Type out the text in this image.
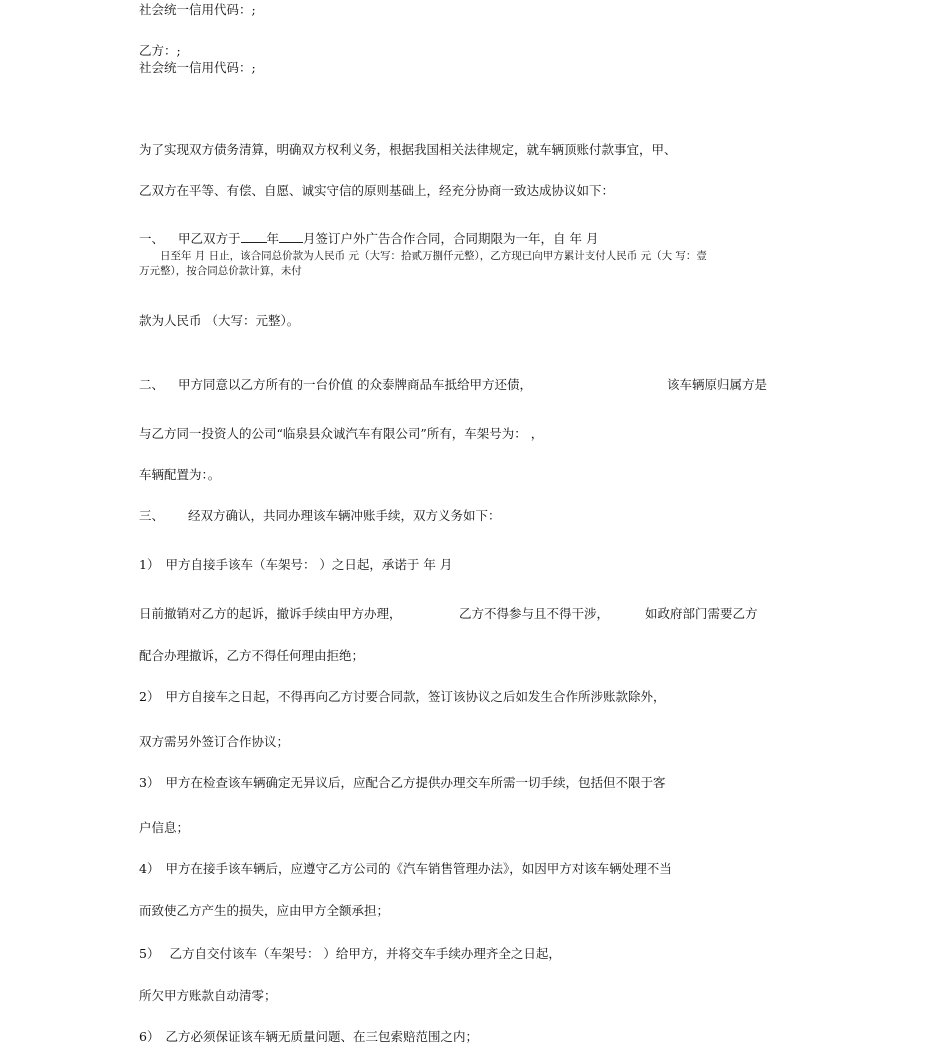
社会统一信用代码：;
乙方：;
社会统一信用代码：;
为了实现双方债务清算，明确双方权利义务，根据我国相关法律规定，就车辆顶账付款事宜，甲、
乙双方在平等、有偿、自愿、诚实守信的原则基础上，经充分协商一致达成协议如下：
一、 甲乙双方于 年 月签订户外广告合作合同，合同期限为一年，自 年 月
日至年 月 日止，该合同总价款为人民币 元（大写：拾贰万捌仟元整），乙方现已向甲方累计支付人民币 元（大 写：壹
万元整），按合同总价款计算，未付
款为人民币 （大写：元整）。
二、 甲方同意以乙方所有的一台价值 的众泰牌商品车抵给甲方还债，	该车辆原归属方是
与乙方同一投资人的公司“临泉县众诚汽车有限公司”所有，车架号为： ，
车辆配置为：。
三、 经双方确认，共同办理该车辆冲账手续，双方义务如下：
1） 甲方自接手该车（车架号： ）之日起，承诺于 年 月
日前撤销对乙方的起诉，撤诉手续由甲方办理，	乙方不得参与且不得干涉，	如政府部门需要乙方
配合办理撤诉，乙方不得任何理由拒绝；
2） 甲方自接车之日起，不得再向乙方讨要合同款，签订该协议之后如发生合作所涉账款除外，
双方需另外签订合作协议；
3） 甲方在检查该车辆确定无异议后，应配合乙方提供办理交车所需一切手续，包括但不限于客
户信息；
4） 甲方在接手该车辆后，应遵守乙方公司的《汽车销售管理办法》，如因甲方对该车辆处理不当
而致使乙方产生的损失，应由甲方全额承担；
5） 乙方自交付该车（车架号： ）给甲方，并将交车手续办理齐全之日起，
所欠甲方账款自动清零；
6） 乙方必须保证该车辆无质量问题、在三包索赔范围之内；
